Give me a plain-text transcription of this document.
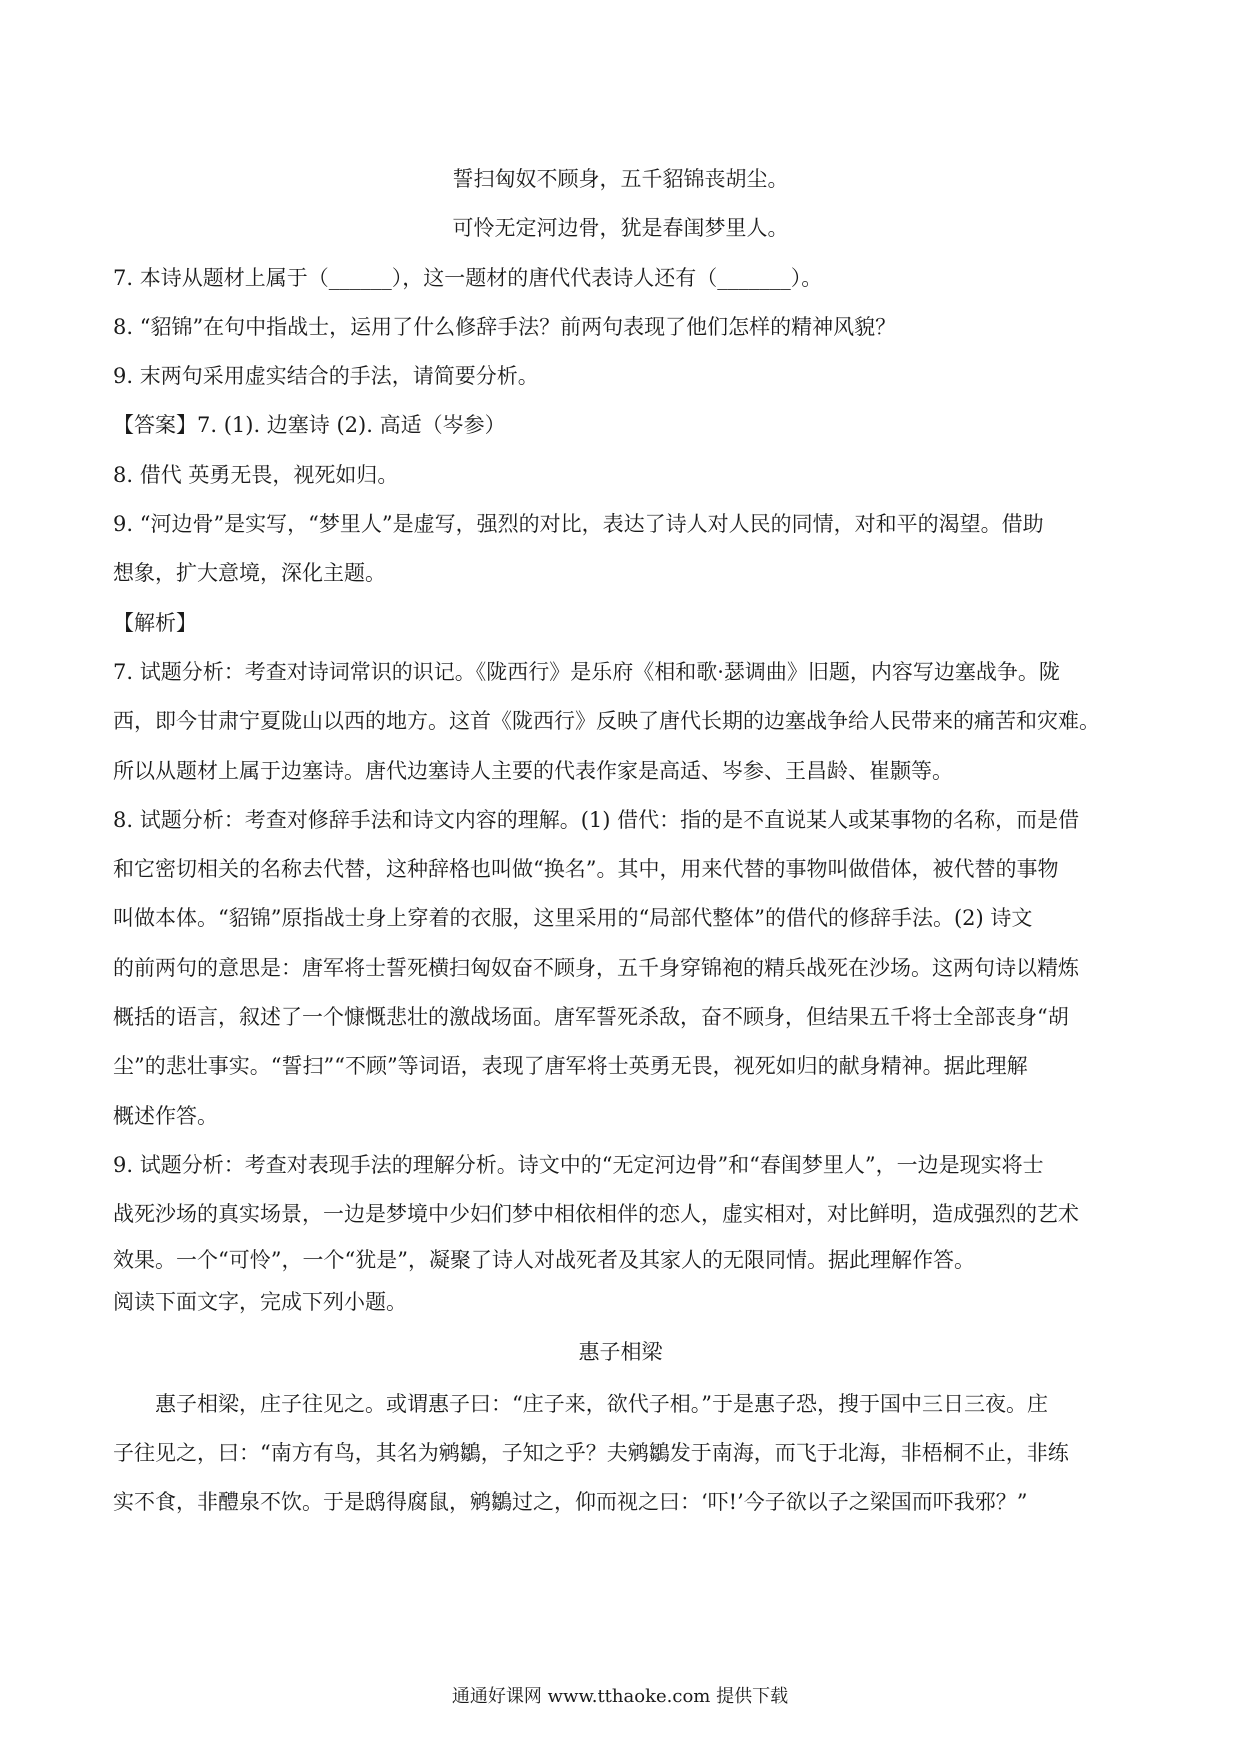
誓扫匈奴不顾身，五千貂锦丧胡尘。

可怜无定河边骨，犹是春闺梦里人。

7. 本诗从题材上属于（______），这一题材的唐代代表诗人还有（_______）。

8. “貂锦”在句中指战士，运用了什么修辞手法？前两句表现了他们怎样的精神风貌？

9. 末两句采用虚实结合的手法，请简要分析。

【答案】7. (1). 边塞诗 (2). 高适（岑参）

8. 借代 英勇无畏，视死如归。

9. “河边骨”是实写，“梦里人”是虚写，强烈的对比，表达了诗人对人民的同情，对和平的渴望。借助

想象，扩大意境，深化主题。

【解析】

7. 试题分析：考查对诗词常识的识记。《陇西行》是乐府《相和歌·瑟调曲》旧题，内容写边塞战争。陇

西，即今甘肃宁夏陇山以西的地方。这首《陇西行》反映了唐代长期的边塞战争给人民带来的痛苦和灾难。

所以从题材上属于边塞诗。唐代边塞诗人主要的代表作家是高适、岑参、王昌龄、崔颢等。

8. 试题分析：考查对修辞手法和诗文内容的理解。(1) 借代：指的是不直说某人或某事物的名称，而是借

和它密切相关的名称去代替，这种辞格也叫做“换名”。其中，用来代替的事物叫做借体，被代替的事物

叫做本体。“貂锦”原指战士身上穿着的衣服，这里采用的“局部代整体”的借代的修辞手法。(2) 诗文

的前两句的意思是：唐军将士誓死横扫匈奴奋不顾身，五千身穿锦袍的精兵战死在沙场。这两句诗以精炼

概括的语言，叙述了一个慷慨悲壮的激战场面。唐军誓死杀敌，奋不顾身，但结果五千将士全部丧身“胡

尘”的悲壮事实。“誓扫”“不顾”等词语，表现了唐军将士英勇无畏，视死如归的献身精神。据此理解

概述作答。

9. 试题分析：考查对表现手法的理解分析。诗文中的“无定河边骨”和“春闺梦里人”，一边是现实将士

战死沙场的真实场景，一边是梦境中少妇们梦中相依相伴的恋人，虚实相对，对比鲜明，造成强烈的艺术

效果。一个“可怜”，一个“犹是”，凝聚了诗人对战死者及其家人的无限同情。据此理解作答。

阅读下面文字，完成下列小题。

惠子相梁

惠子相梁，庄子往见之。或谓惠子曰：“庄子来，欲代子相。”于是惠子恐，搜于国中三日三夜。庄

子往见之，曰：“南方有鸟，其名为鹓鶵，子知之乎？夫鹓鶵发于南海，而飞于北海，非梧桐不止，非练

实不食，非醴泉不饮。于是鸱得腐鼠，鹓鶵过之，仰而视之曰：‘吓!’今子欲以子之梁国而吓我邪？”

通通好课网 www.tthaoke.com 提供下载
